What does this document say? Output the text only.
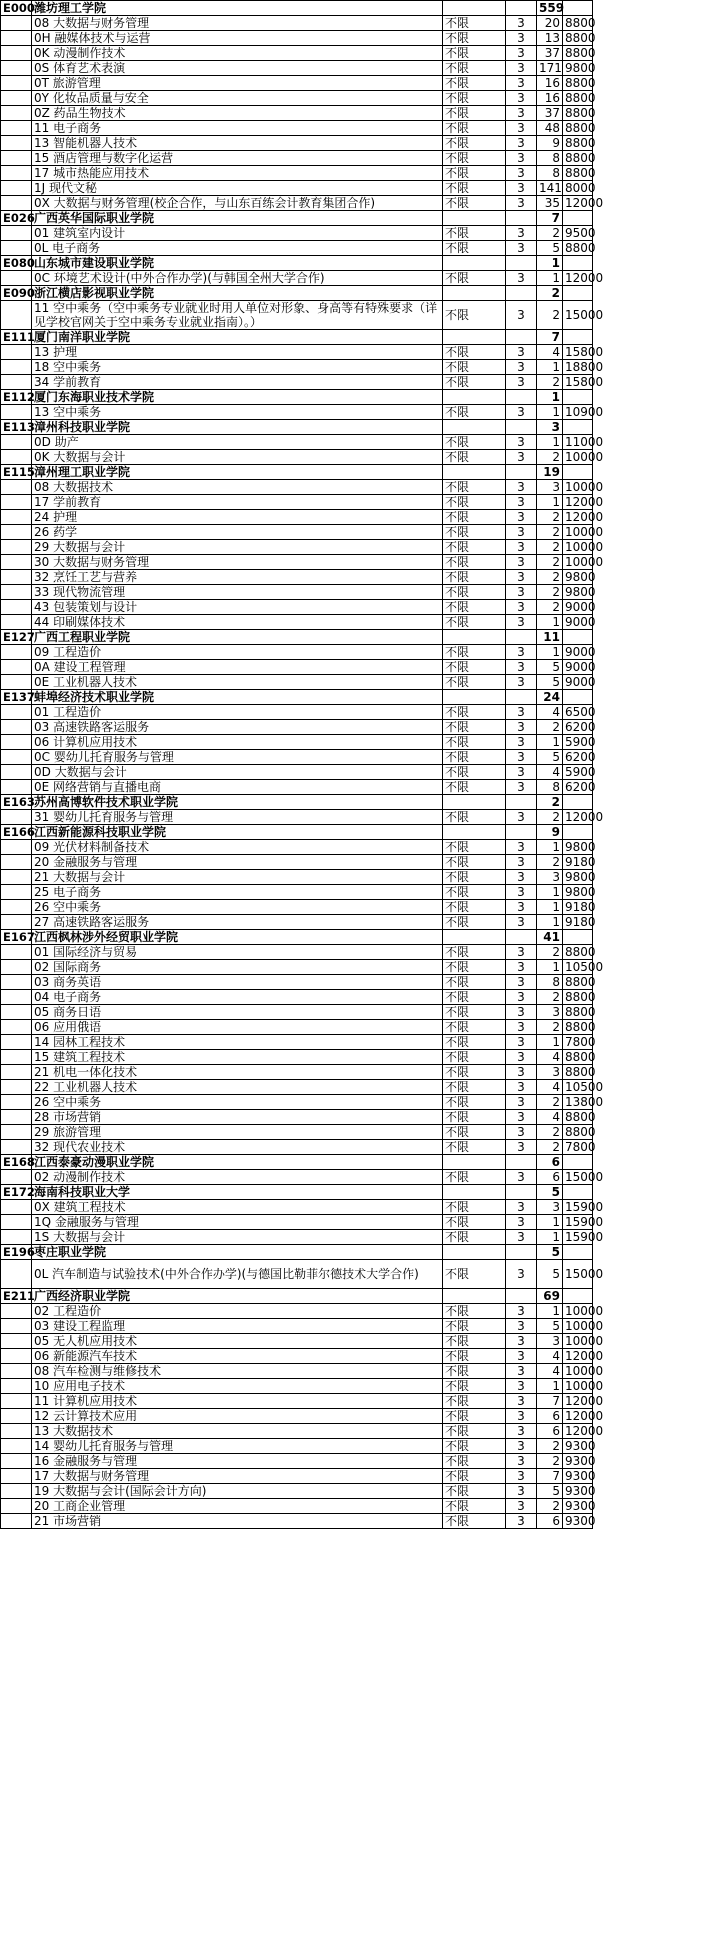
E000	潍坊理工学院			559	
	08 大数据与财务管理	不限	3	20	8800
	0H 融媒体技术与运营	不限	3	13	8800
	0K 动漫制作技术	不限	3	37	8800
	0S 体育艺术表演	不限	3	171	9800
	0T 旅游管理	不限	3	16	8800
	0Y 化妆品质量与安全	不限	3	16	8800
	0Z 药品生物技术	不限	3	37	8800
	11 电子商务	不限	3	48	8800
	13 智能机器人技术	不限	3	9	8800
	15 酒店管理与数字化运营	不限	3	8	8800
	17 城市热能应用技术	不限	3	8	8800
	1J 现代文秘	不限	3	141	8000
	0X 大数据与财务管理(校企合作，与山东百练会计教育集团合作)	不限	3	35	12000
E026	广西英华国际职业学院			7	
	01 建筑室内设计	不限	3	2	9500
	0L 电子商务	不限	3	5	8800
E080	山东城市建设职业学院			1	
	0C 环境艺术设计(中外合作办学)(与韩国全州大学合作)	不限	3	1	12000
E090	浙江横店影视职业学院			2	
	11 空中乘务（空中乘务专业就业时用人单位对形象、身高等有特殊要求（详见学校官网关于空中乘务专业就业指南）。）	不限	3	2	15000
E111	厦门南洋职业学院			7	
	13 护理	不限	3	4	15800
	18 空中乘务	不限	3	1	18800
	34 学前教育	不限	3	2	15800
E112	厦门东海职业技术学院			1	
	13 空中乘务	不限	3	1	10900
E113	漳州科技职业学院			3	
	0D 助产	不限	3	1	11000
	0K 大数据与会计	不限	3	2	10000
E115	漳州理工职业学院			19	
	08 大数据技术	不限	3	3	10000
	17 学前教育	不限	3	1	12000
	24 护理	不限	3	2	12000
	26 药学	不限	3	2	10000
	29 大数据与会计	不限	3	2	10000
	30 大数据与财务管理	不限	3	2	10000
	32 烹饪工艺与营养	不限	3	2	9800
	33 现代物流管理	不限	3	2	9800
	43 包装策划与设计	不限	3	2	9000
	44 印刷媒体技术	不限	3	1	9000
E127	广西工程职业学院			11	
	09 工程造价	不限	3	1	9000
	0A 建设工程管理	不限	3	5	9000
	0E 工业机器人技术	不限	3	5	9000
E137	蚌埠经济技术职业学院			24	
	01 工程造价	不限	3	4	6500
	03 高速铁路客运服务	不限	3	2	6200
	06 计算机应用技术	不限	3	1	5900
	0C 婴幼儿托育服务与管理	不限	3	5	6200
	0D 大数据与会计	不限	3	4	5900
	0E 网络营销与直播电商	不限	3	8	6200
E163	苏州高博软件技术职业学院			2	
	31 婴幼儿托育服务与管理	不限	3	2	12000
E166	江西新能源科技职业学院			9	
	09 光伏材料制备技术	不限	3	1	9800
	20 金融服务与管理	不限	3	2	9180
	21 大数据与会计	不限	3	3	9800
	25 电子商务	不限	3	1	9800
	26 空中乘务	不限	3	1	9180
	27 高速铁路客运服务	不限	3	1	9180
E167	江西枫林涉外经贸职业学院			41	
	01 国际经济与贸易	不限	3	2	8800
	02 国际商务	不限	3	1	10500
	03 商务英语	不限	3	8	8800
	04 电子商务	不限	3	2	8800
	05 商务日语	不限	3	3	8800
	06 应用俄语	不限	3	2	8800
	14 园林工程技术	不限	3	1	7800
	15 建筑工程技术	不限	3	4	8800
	21 机电一体化技术	不限	3	3	8800
	22 工业机器人技术	不限	3	4	10500
	26 空中乘务	不限	3	2	13800
	28 市场营销	不限	3	4	8800
	29 旅游管理	不限	3	2	8800
	32 现代农业技术	不限	3	2	7800
E168	江西泰豪动漫职业学院			6	
	02 动漫制作技术	不限	3	6	15000
E172	海南科技职业大学			5	
	0X 建筑工程技术	不限	3	3	15900
	1Q 金融服务与管理	不限	3	1	15900
	1S 大数据与会计	不限	3	1	15900
E196	枣庄职业学院			5	
	0L 汽车制造与试验技术(中外合作办学)(与德国比勒菲尔德技术大学合作)	不限	3	5	15000
E211	广西经济职业学院			69	
	02 工程造价	不限	3	1	10000
	03 建设工程监理	不限	3	5	10000
	05 无人机应用技术	不限	3	3	10000
	06 新能源汽车技术	不限	3	4	12000
	08 汽车检测与维修技术	不限	3	4	10000
	10 应用电子技术	不限	3	1	10000
	11 计算机应用技术	不限	3	7	12000
	12 云计算技术应用	不限	3	6	12000
	13 大数据技术	不限	3	6	12000
	14 婴幼儿托育服务与管理	不限	3	2	9300
	16 金融服务与管理	不限	3	2	9300
	17 大数据与财务管理	不限	3	7	9300
	19 大数据与会计(国际会计方向)	不限	3	5	9300
	20 工商企业管理	不限	3	2	9300
	21 市场营销	不限	3	6	9300
